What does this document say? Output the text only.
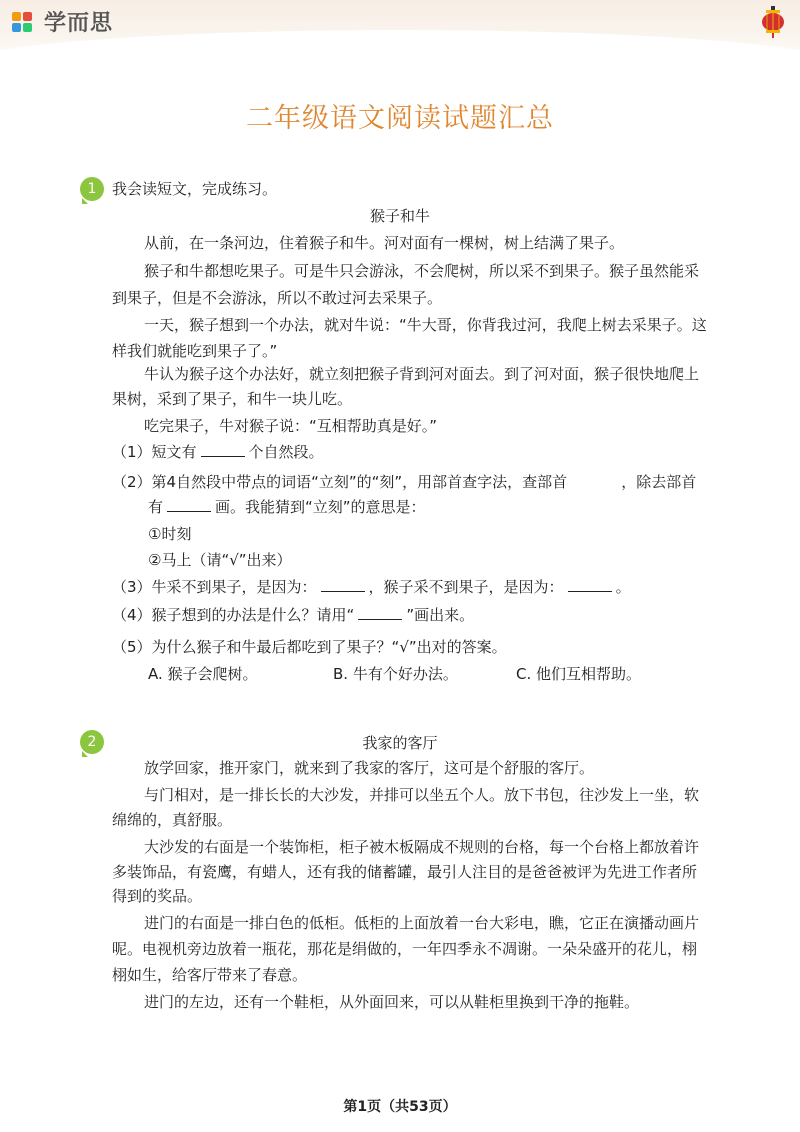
学而思
二年级语文阅读试题汇总
1	我会读短文，完成练习。
猴子和牛
从前，在一条河边，住着猴子和牛。河对面有一棵树，树上结满了果子。
猴子和牛都想吃果子。可是牛只会游泳，不会爬树，所以采不到果子。猴子虽然能采
到果子，但是不会游泳，所以不敢过河去采果子。
一天，猴子想到一个办法，就对牛说：“牛大哥，你背我过河，我爬上树去采果子。这
样我们就能吃到果子了。”
牛认为猴子这个办法好，就立刻把猴子背到河对面去。到了河对面，猴子很快地爬上
果树，采到了果子，和牛一块儿吃。
吃完果子，牛对猴子说：“互相帮助真是好。”
（1）短文有	个自然段。
（2）第4自然段中带点的词语“立刻”的“刻”，用部首查字法，查部首	，除去部首
有	画。我能猜到“立刻”的意思是：
①时刻
②马上（请“√”出来）
（3）牛采不到果子，是因为：	，猴子采不到果子，是因为：	。
（4）猴子想到的办法是什么？请用“	”画出来。
（5）为什么猴子和牛最后都吃到了果子？“√”出对的答案。
A. 猴子会爬树。	B. 牛有个好办法。	C. 他们互相帮助。
2	我家的客厅
放学回家，推开家门，就来到了我家的客厅，这可是个舒服的客厅。
与门相对，是一排长长的大沙发，并排可以坐五个人。放下书包，往沙发上一坐，软
绵绵的，真舒服。
大沙发的右面是一个装饰柜，柜子被木板隔成不规则的台格，每一个台格上都放着许
多装饰品，有瓷鹰，有蜡人，还有我的储蓄罐，最引人注目的是爸爸被评为先进工作者所
得到的奖品。
进门的右面是一排白色的低柜。低柜的上面放着一台大彩电，瞧，它正在演播动画片
呢。电视机旁边放着一瓶花，那花是绢做的，一年四季永不凋谢。一朵朵盛开的花儿，栩
栩如生，给客厅带来了春意。
进门的左边，还有一个鞋柜，从外面回来，可以从鞋柜里换到干净的拖鞋。
第1页（共53页）
